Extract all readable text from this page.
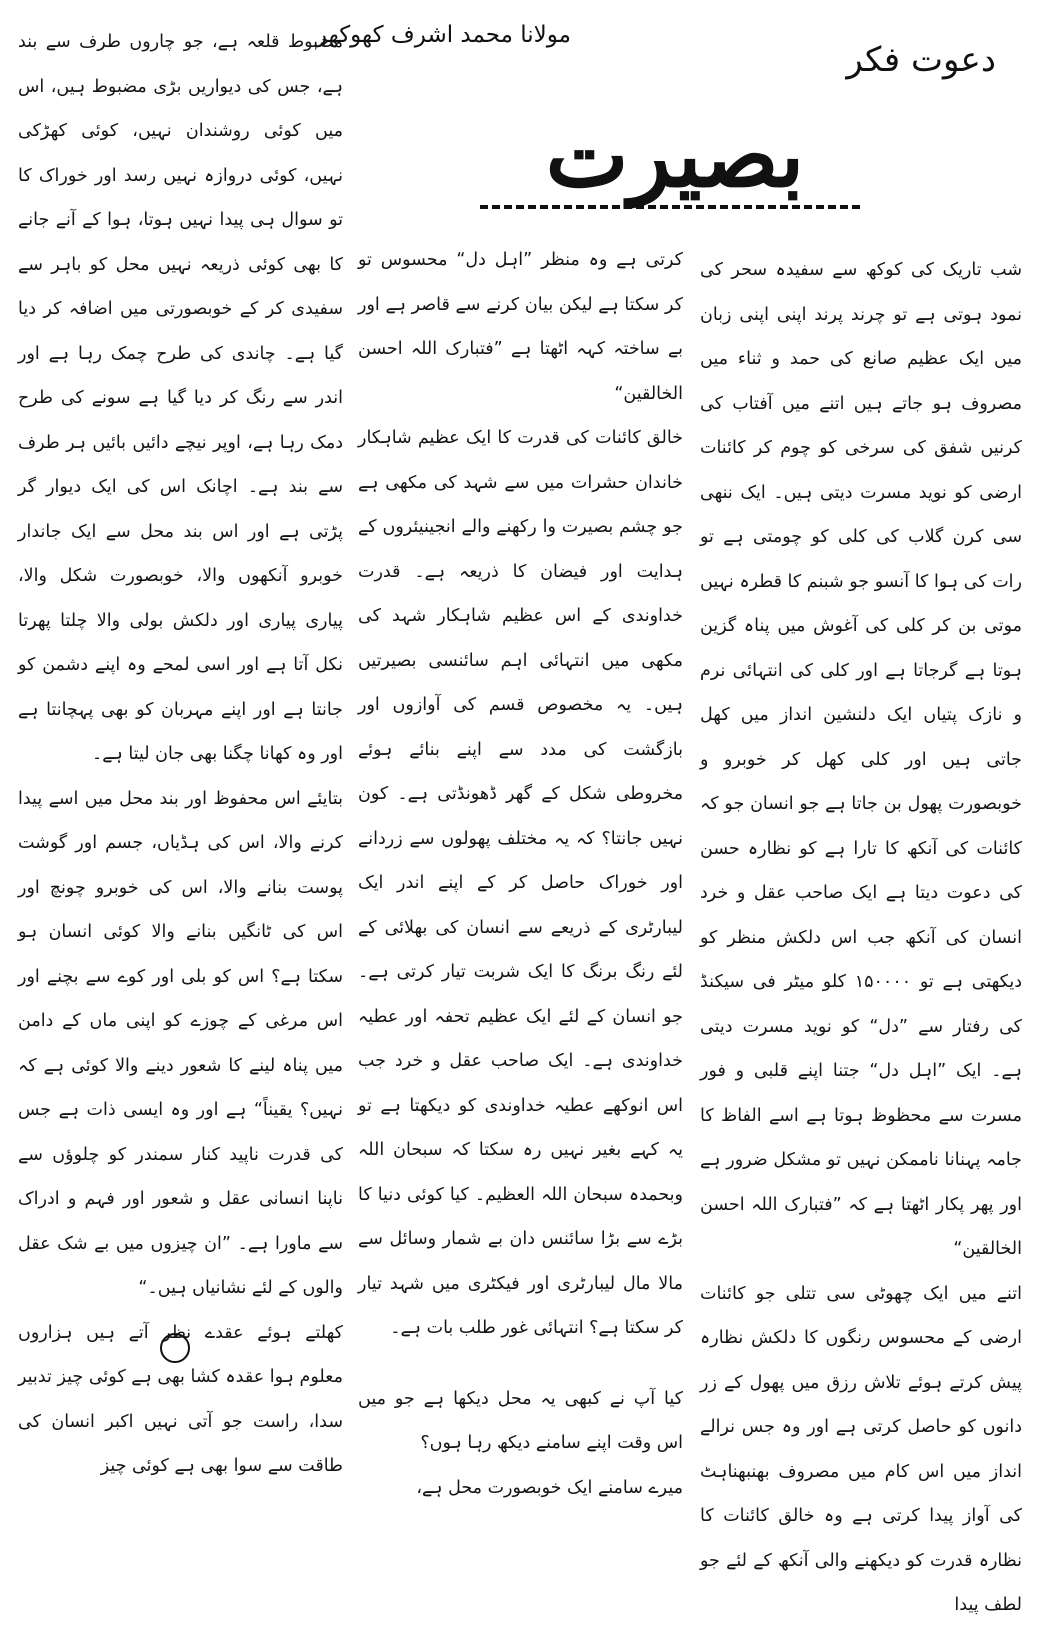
دعوت فکر
مولانا محمد اشرف کھوکھر
بصیرت

شب تاریک کی کوکھ سے سفیدہ سحر کی نمود ہوتی ہے تو چرند پرند اپنی اپنی زبان میں ایک عظیم صانع کی حمد و ثناء میں مصروف ہو جاتے ہیں اتنے میں آفتاب کی کرنیں شفق کی سرخی کو چوم کر کائنات ارضی کو نوید مسرت دیتی ہیں۔ ایک ننھی سی کرن گلاب کی کلی کو چومتی ہے تو رات کی ہوا کا آنسو جو شبنم کا قطرہ نہیں موتی بن کر کلی کی آغوش میں پناہ گزین ہوتا ہے گرجاتا ہے اور کلی کی انتہائی نرم و نازک پتیاں ایک دلنشین انداز میں کھل جاتی ہیں اور کلی کھل کر خوبرو و خوبصورت پھول بن جاتا ہے جو انسان جو کہ کائنات کی آنکھ کا تارا ہے کو نظارہ حسن کی دعوت دیتا ہے ایک صاحب عقل و خرد انسان کی آنکھ جب اس دلکش منظر کو دیکھتی ہے تو ۱۵۰۰۰۰ کلو میٹر فی سیکنڈ کی رفتار سے ”دل“ کو نوید مسرت دیتی ہے۔ ایک ”اہل دل“ جتنا اپنے قلبی و فور مسرت سے محظوظ ہوتا ہے اسے الفاظ کا جامہ پہنانا ناممکن نہیں تو مشکل ضرور ہے اور پھر پکار اٹھتا ہے کہ ”فتبارک اللہ احسن الخالقین“

اتنے میں ایک چھوٹی سی تتلی جو کائنات ارضی کے محسوس رنگوں کا دلکش نظارہ پیش کرتے ہوئے تلاش رزق میں پھول کے زر دانوں کو حاصل کرتی ہے اور وہ جس نرالے انداز میں اس کام میں مصروف بھنبھناہٹ کی آواز پیدا کرتی ہے وہ خالق کائنات کا نظارہ قدرت کو دیکھنے والی آنکھ کے لئے جو لطف پیدا

کرتی ہے وہ منظر ”اہل دل“ محسوس تو کر سکتا ہے لیکن بیان کرنے سے قاصر ہے اور بے ساختہ کہہ اٹھتا ہے ”فتبارک اللہ احسن الخالقین“

خالق کائنات کی قدرت کا ایک عظیم شاہکار خاندان حشرات میں سے شہد کی مکھی ہے جو چشم بصیرت وا رکھنے والے انجینیئروں کے ہدایت اور فیضان کا ذریعہ ہے۔ قدرت خداوندی کے اس عظیم شاہکار شہد کی مکھی میں انتہائی اہم سائنسی بصیرتیں ہیں۔ یہ مخصوص قسم کی آوازوں اور بازگشت کی مدد سے اپنے بنائے ہوئے مخروطی شکل کے گھر ڈھونڈتی ہے۔ کون نہیں جانتا؟ کہ یہ مختلف پھولوں سے زردانے اور خوراک حاصل کر کے اپنے اندر ایک لیبارٹری کے ذریعے سے انسان کی بھلائی کے لئے رنگ برنگ کا ایک شربت تیار کرتی ہے۔ جو انسان کے لئے ایک عظیم تحفہ اور عطیہ خداوندی ہے۔ ایک صاحب عقل و خرد جب اس انوکھے عطیہ خداوندی کو دیکھتا ہے تو یہ کہے بغیر نہیں رہ سکتا کہ سبحان اللہ وبحمدہ سبحان اللہ العظیم۔ کیا کوئی دنیا کا بڑے سے بڑا سائنس دان بے شمار وسائل سے مالا مال لیبارٹری اور فیکٹری میں شہد تیار کر سکتا ہے؟ انتہائی غور طلب بات ہے۔

کیا آپ نے کبھی یہ محل دیکھا ہے جو میں اس وقت اپنے سامنے دیکھ رہا ہوں؟

میرے سامنے ایک خوبصورت محل ہے،

مضبوط قلعہ ہے، جو چاروں طرف سے بند ہے، جس کی دیواریں بڑی مضبوط ہیں، اس میں کوئی روشندان نہیں، کوئی کھڑکی نہیں، کوئی دروازہ نہیں رسد اور خوراک کا تو سوال ہی پیدا نہیں ہوتا، ہوا کے آنے جانے کا بھی کوئی ذریعہ نہیں محل کو باہر سے سفیدی کر کے خوبصورتی میں اضافہ کر دیا گیا ہے۔ چاندی کی طرح چمک رہا ہے اور اندر سے رنگ کر دیا گیا ہے سونے کی طرح دمک رہا ہے، اوپر نیچے دائیں بائیں ہر طرف سے بند ہے۔ اچانک اس کی ایک دیوار گر پڑتی ہے اور اس بند محل سے ایک جاندار خوبرو آنکھوں والا، خوبصورت شکل والا، پیاری پیاری اور دلکش بولی والا چلتا پھرتا نکل آتا ہے اور اسی لمحے وہ اپنے دشمن کو جانتا ہے اور اپنے مہربان کو بھی پہچانتا ہے اور وہ کھانا چگنا بھی جان لیتا ہے۔

بتایئے اس محفوظ اور بند محل میں اسے پیدا کرنے والا، اس کی ہڈیاں، جسم اور گوشت پوست بنانے والا، اس کی خوبرو چونچ اور اس کی ٹانگیں بنانے والا کوئی انسان ہو سکتا ہے؟ اس کو بلی اور کوے سے بچنے اور اس مرغی کے چوزے کو اپنی ماں کے دامن میں پناہ لینے کا شعور دینے والا کوئی ہے کہ نہیں؟ یقیناً“ ہے اور وہ ایسی ذات ہے جس کی قدرت ناپید کنار سمندر کو چلوؤں سے ناپنا انسانی عقل و شعور اور فہم و ادراک سے ماورا ہے۔ ”ان چیزوں میں بے شک عقل والوں کے لئے نشانیاں ہیں۔“

کھلتے ہوئے عقدے نظر آتے ہیں ہزاروں معلوم ہوا عقدہ کشا بھی ہے کوئی چیز تدبیر سدا، راست جو آتی نہیں اکبر انسان کی طاقت سے سوا بھی ہے کوئی چیز
